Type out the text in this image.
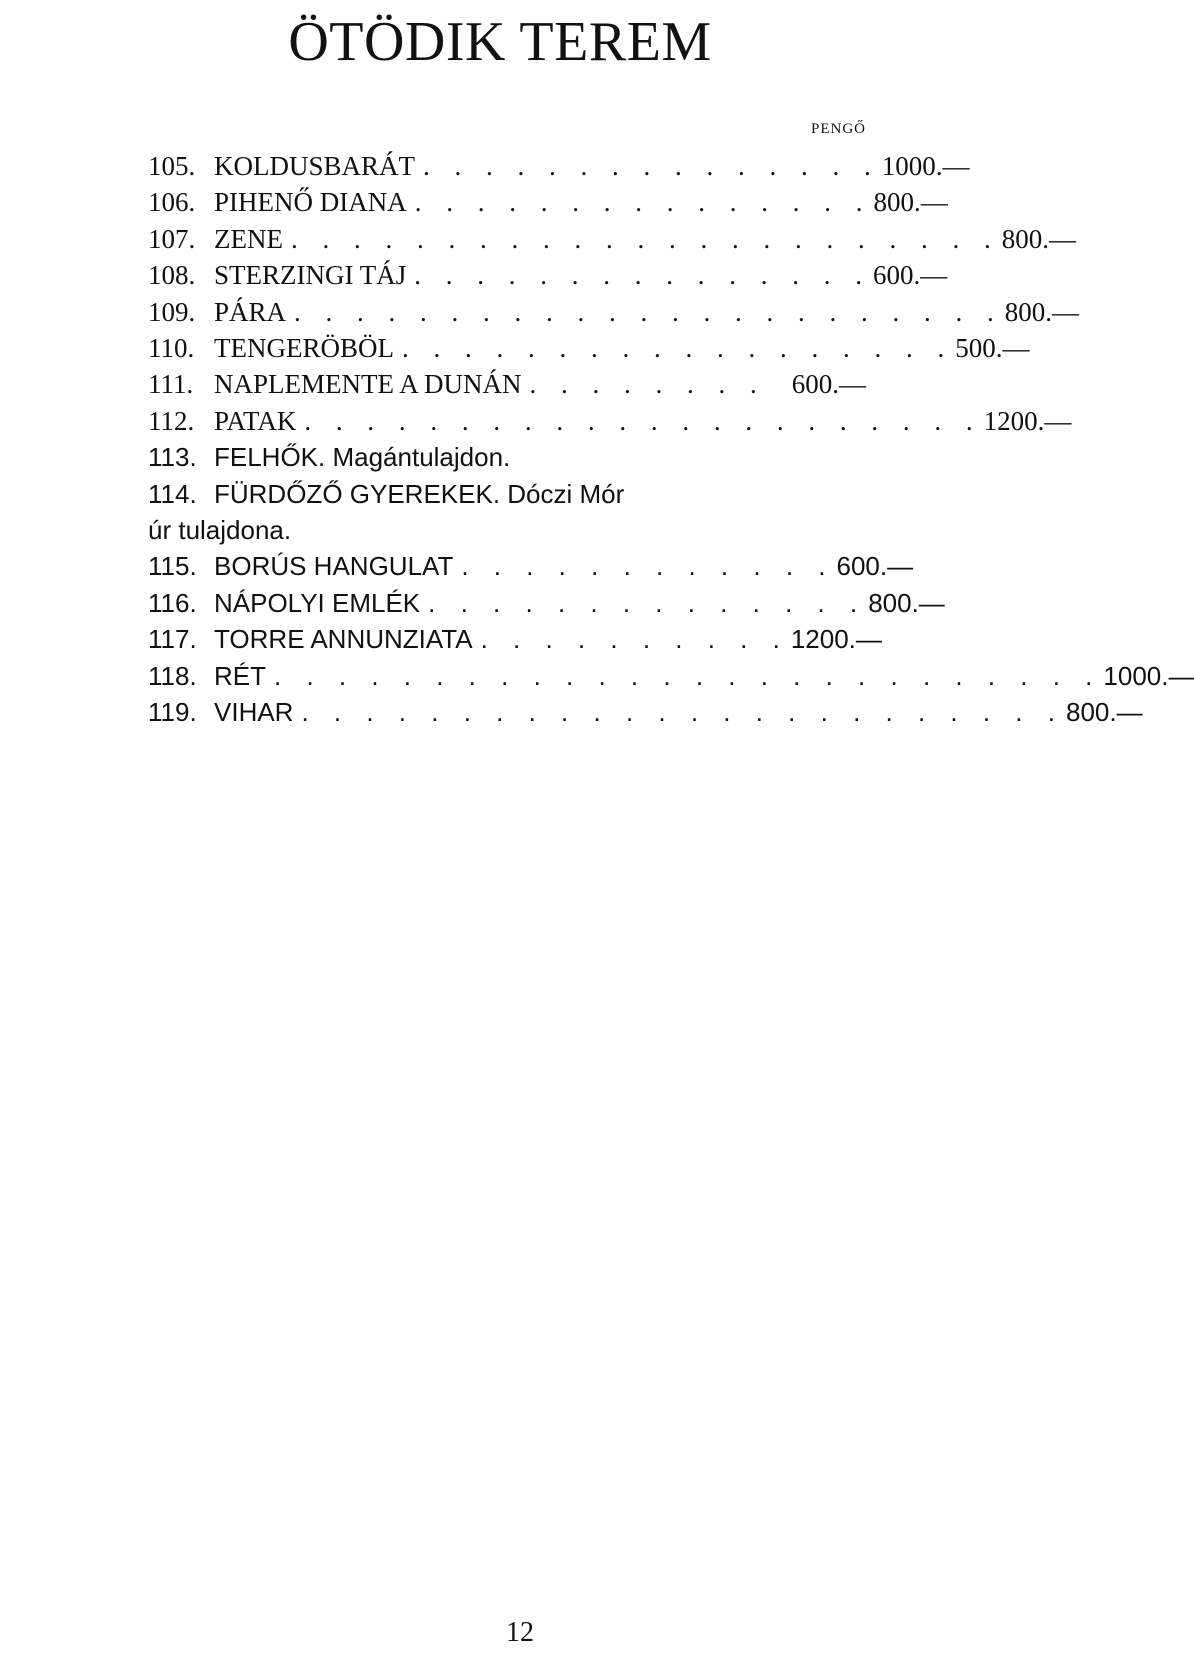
ÖTÖDIK TEREM
PENGŐ
105. KOLDUSBARÁT . . . . . . . . . . . . . . . 1000.—
106. PIHENŐ DIANA . . . . . . . . . . . . . . . 800.—
107. ZENE . . . . . . . . . . . . . . . . . . . . . . . 800.—
108. STERZINGI TÁJ . . . . . . . . . . . . . . . 600.—
109. PÁRA . . . . . . . . . . . . . . . . . . . . . . . 800.—
110. TENGERÖBÖL . . . . . . . . . . . . . . . . . . 500.—
111. NAPLEMENTE A DUNÁN . . . . . . . . 600.—
112. PATAK . . . . . . . . . . . . . . . . . . . . . . 1200.—
113. FELHŐK. Magántulajdon.
114. FÜRDŐZŐ GYEREKEK. Dóczi Mór
úr tulajdona.
115. BORÚS HANGULAT . . . . . . . . . . . . 600.—
116. NÁPOLYI EMLÉK . . . . . . . . . . . . . . 800.—
117. TORRE ANNUNZIATA . . . . . . . . . . 1200.—
118. RÉT . . . . . . . . . . . . . . . . . . . . . . . . . . 1000.—
119. VIHAR . . . . . . . . . . . . . . . . . . . . . . . . 800.—
12
